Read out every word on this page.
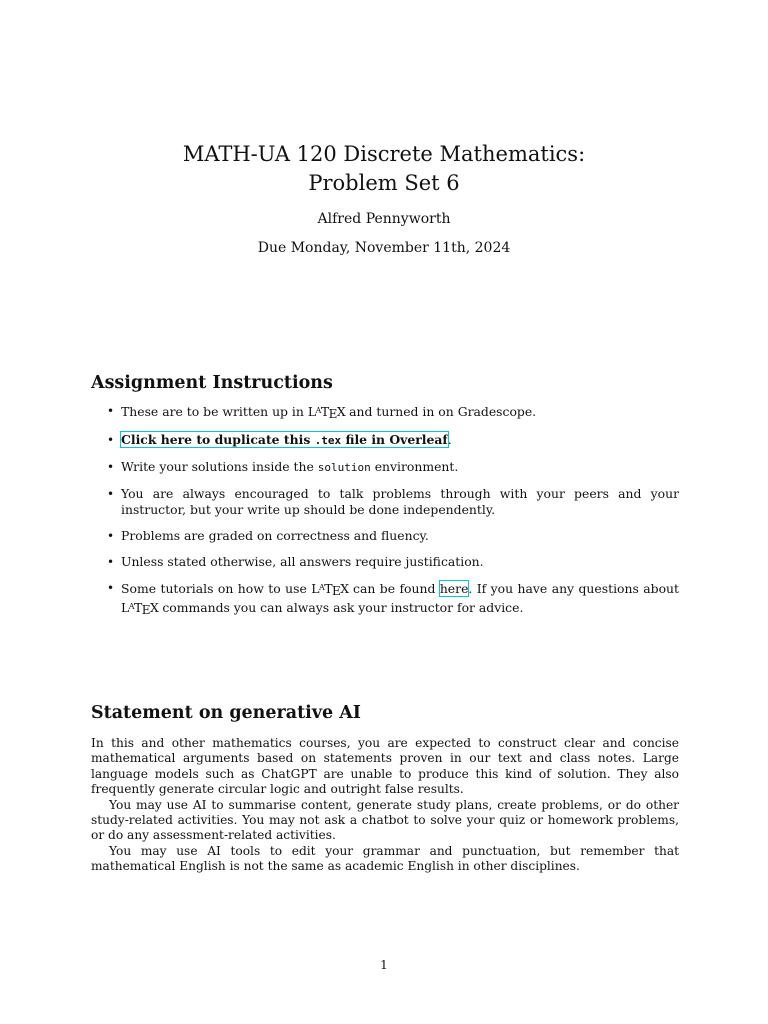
MATH-UA 120 Discrete Mathematics:
Problem Set 6
Alfred Pennyworth
Due Monday, November 11th, 2024
Assignment Instructions
• These are to be written up in $L^AT_EX$ and turned in on Gradescope.
• Click here to duplicate this .tex file in Overleaf.
• Write your solutions inside the solution environment.
• You are always encouraged to talk problems through with your peers and your instructor, but your write up should be done independently.
• Problems are graded on correctness and fluency.
• Unless stated otherwise, all answers require justification.
• Some tutorials on how to use $L^AT_EX$ can be found here. If you have any questions about $L^AT_EX$ commands you can always ask your instructor for advice.
Statement on generative AI

In this and other mathematics courses, you are expected to construct clear and concise mathematical arguments based on statements proven in our text and class notes. Large language models such as ChatGPT are unable to produce this kind of solution. They also frequently generate circular logic and outright false results.

You may use AI to summarise content, generate study plans, create problems, or do other study-related activities. You may not ask a chatbot to solve your quiz or homework problems, or do any assessment-related activities.

You may use AI tools to edit your grammar and punctuation, but remember that mathematical English is not the same as academic English in other disciplines.

1
